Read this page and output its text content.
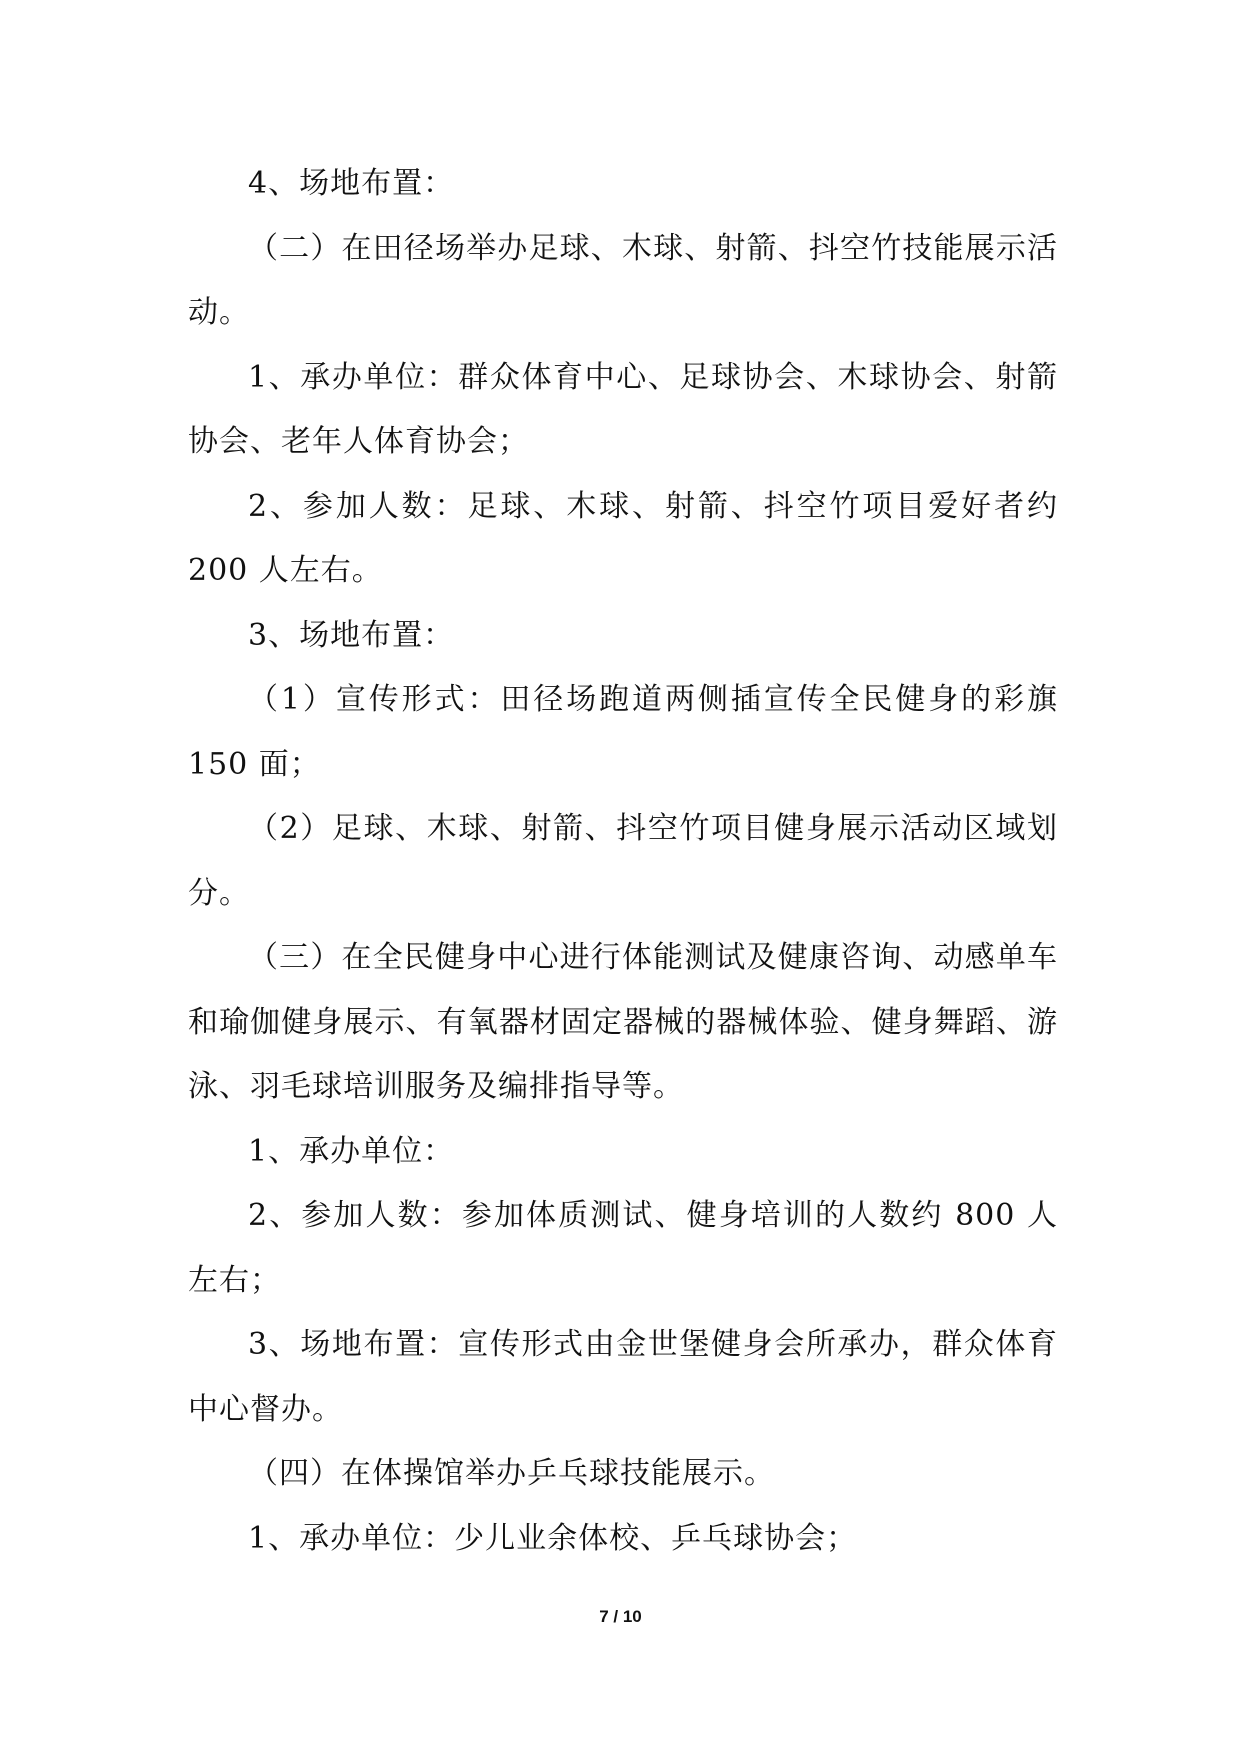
4、场地布置：

（二）在田径场举办足球、木球、射箭、抖空竹技能展示活动。

1、承办单位：群众体育中心、足球协会、木球协会、射箭协会、老年人体育协会；

2、参加人数：足球、木球、射箭、抖空竹项目爱好者约 200 人左右。

3、场地布置：

（1）宣传形式：田径场跑道两侧插宣传全民健身的彩旗 150 面；

（2）足球、木球、射箭、抖空竹项目健身展示活动区域划分。

（三）在全民健身中心进行体能测试及健康咨询、动感单车和瑜伽健身展示、有氧器材固定器械的器械体验、健身舞蹈、游泳、羽毛球培训服务及编排指导等。

1、承办单位：

2、参加人数：参加体质测试、健身培训的人数约 800 人左右；

3、场地布置：宣传形式由金世堡健身会所承办，群众体育中心督办。

（四）在体操馆举办乒乓球技能展示。

1、承办单位：少儿业余体校、乒乓球协会；

7 / 10
